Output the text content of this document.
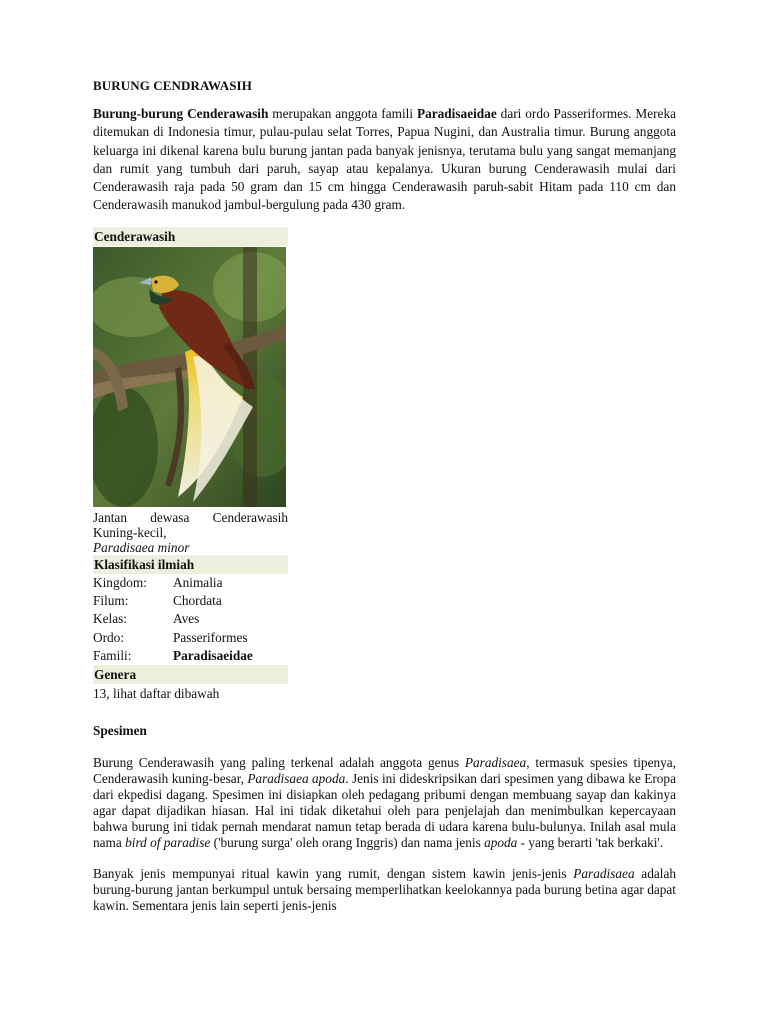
BURUNG CENDRAWASIH

Burung-burung Cenderawasih merupakan anggota famili Paradisaeidae dari ordo Passeriformes. Mereka ditemukan di Indonesia timur, pulau-pulau selat Torres, Papua Nugini, dan Australia timur. Burung anggota keluarga ini dikenal karena bulu burung jantan pada banyak jenisnya, terutama bulu yang sangat memanjang dan rumit yang tumbuh dari paruh, sayap atau kepalanya. Ukuran burung Cenderawasih mulai dari Cenderawasih raja pada 50 gram dan 15 cm hingga Cenderawasih paruh-sabit Hitam pada 110 cm dan Cenderawasih manukod jambul-bergulung pada 430 gram.

Cenderawasih
Jantan dewasa Cenderawasih
Kuning-kecil,
Paradisaea minor
Klasifikasi ilmiah
Kingdom:	Animalia
Filum:	Chordata
Kelas:	Aves
Ordo:	Passeriformes
Famili:	Paradisaeidae
Genera
13, lihat daftar dibawah
Spesimen

Burung Cenderawasih yang paling terkenal adalah anggota genus Paradisaea, termasuk spesies tipenya, Cenderawasih kuning-besar, Paradisaea apoda. Jenis ini dideskripsikan dari spesimen yang dibawa ke Eropa dari ekpedisi dagang. Spesimen ini disiapkan oleh pedagang pribumi dengan membuang sayap dan kakinya agar dapat dijadikan hiasan. Hal ini tidak diketahui oleh para penjelajah dan menimbulkan kepercayaan bahwa burung ini tidak pernah mendarat namun tetap berada di udara karena bulu-bulunya. Inilah asal mula nama bird of paradise ('burung surga' oleh orang Inggris) dan nama jenis apoda - yang berarti 'tak berkaki'.

Banyak jenis mempunyai ritual kawin yang rumit, dengan sistem kawin jenis-jenis Paradisaea adalah burung-burung jantan berkumpul untuk bersaing memperlihatkan keelokannya pada burung betina agar dapat kawin. Sementara jenis lain seperti jenis-jenis
